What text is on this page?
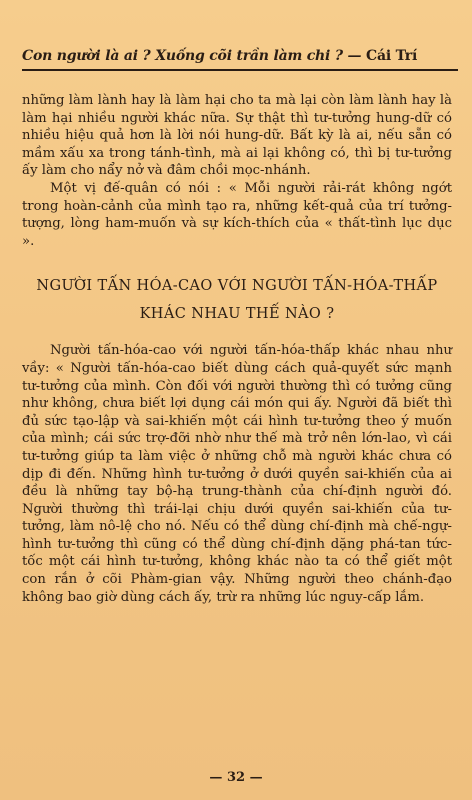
Con người là ai ? Xuống cõi trần làm chi ? — Cái Trí

những làm lành hay là làm hại cho ta mà lại còn làm lành hay là làm hại nhiều người khác nữa. Sự thật thì tư-tưởng hung-dữ có nhiều hiệu quả hơn là lời nói hung-dữ. Bất kỳ là ai, nếu sẵn có mầm xấu xa trong tánh-tình, mà ai lại không có, thì bị tư-tưởng ấy làm cho nẩy nở và đâm chồi mọc-nhánh.

Một vị đế-quân có nói : « Mỗi người rải-rát không ngớt trong hoàn-cảnh của mình tạo ra, những kết-quả của trí tưởng-tượng, lòng ham-muốn và sự kích-thích của « thất-tình lục dục ».

NGƯỜI TẤN HÓA-CAO VỚI NGƯỜI TẤN-HÓA-THẤP
KHÁC NHAU THẾ NÀO ?

Người tấn-hóa-cao với người tấn-hóa-thấp khác nhau như vầy: « Người tấn-hóa-cao biết dùng cách quả-quyết sức mạnh tư-tưởng của mình. Còn đối với người thường thì có tưởng cũng như không, chưa biết lợi dụng cái món qui ấy. Người đã biết thì đủ sức tạo-lập và sai-khiến một cái hình tư-tưởng theo ý muốn của mình; cái sức trợ-đỡi nhờ như thế mà trở nên lớn-lao, vì cái tư-tưởng giúp ta làm việc ở những chỗ mà người khác chưa có dịp đi đến. Những hình tư-tưởng ở dưới quyền sai-khiến của ai đều là những tay bộ-hạ trung-thành của chí-định người đó. Người thường thì trái-lại chịu dưới quyền sai-khiến của tư-tưởng, làm nô-lệ cho nó. Nếu có thể dùng chí-định mà chế-ngự-hình tư-tưởng thì cũng có thể dùng chí-định dặng phá-tan tức-tốc một cái hình tư-tưởng, không khác nào ta có thể giết một con rắn ở cõi Phàm-gian vậy. Những người theo chánh-đạo không bao giờ dùng cách ấy, trừ ra những lúc nguy-cấp lắm.

— 32 —
